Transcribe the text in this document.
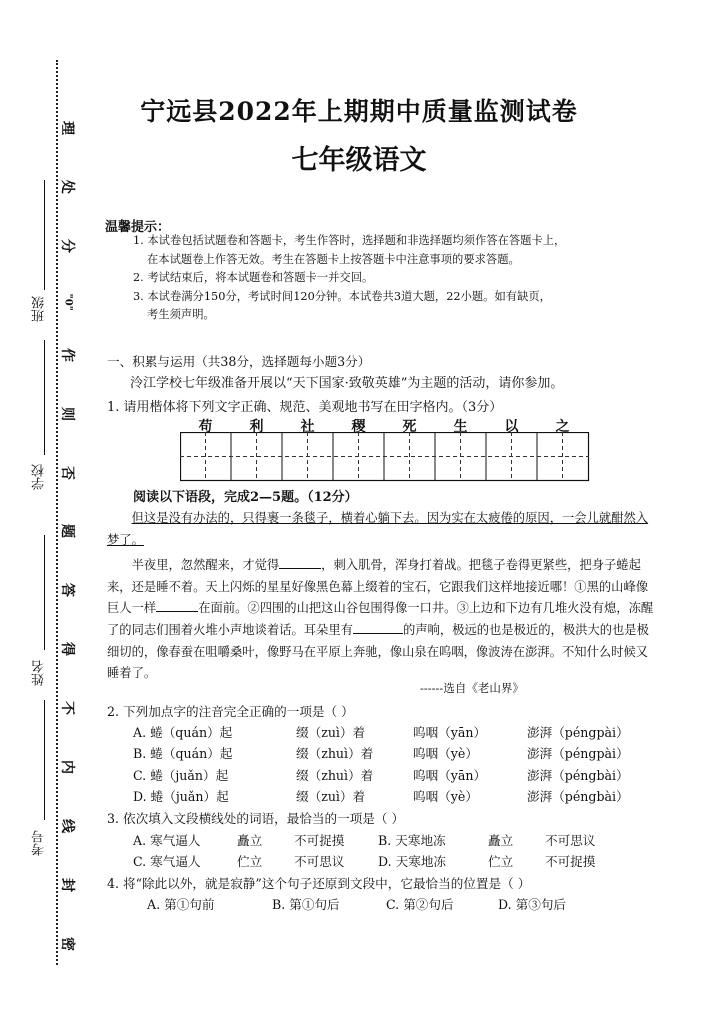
班级
学校
姓名
考号
理
处
分
"0"
作
则
否
题
答
得
不
内
线
封
密
宁远县2022年上期期中质量监测试卷
七年级语文
温馨提示：
1. 本试卷包括试题卷和答题卡，考生作答时，选择题和非选择题均须作答在答题卡上，
在本试题卷上作答无效。考生在答题卡上按答题卡中注意事项的要求答题。
2. 考试结束后，将本试题卷和答题卡一并交回。
3. 本试卷满分150分，考试时间120分钟。本试卷共3道大题，22小题。如有缺页，
考生须声明。
一、积累与运用（共38分，选择题每小题3分）
泠江学校七年级准备开展以“天下国家·致敬英雄”为主题的活动，请你参加。
1. 请用楷体将下列文字正确、规范、美观地书写在田字格内。（3分）
苟	利	社	稷	死	生	以	之
阅读以下语段，完成2—5题。（12分）
但这是没有办法的，只得裹一条毯子，横着心躺下去。因为实在太疲倦的原因，一会儿就酣然入梦了。
半夜里，忽然醒来，才觉得	，刺入肌骨，浑身打着战。把毯子卷得更紧些，把身子蜷起来，还是睡不着。天上闪烁的星星好像黑色幕上缀着的宝石，它跟我们这样地接近哪！①黑的山峰像巨人一样	在面前。②四围的山把这山谷包围得像一口井。③上边和下边有几堆火没有熄，冻醒了的同志们围着火堆小声地谈着话。耳朵里有	的声响，极远的也是极近的，极洪大的也是极细切的，像春蚕在咀嚼桑叶，像野马在平原上奔驰，像山泉在呜咽，像波涛在澎湃。不知什么时候又睡着了。
------选自《老山界》
2. 下列加点字的注音完全正确的一项是（ ）
A. 蜷（quán）起	缀（zuì）着	呜咽（yān）	澎湃（péngpài）
B. 蜷（quán）起	缀（zhuì）着	呜咽（yè）	澎湃（péngpài）
C. 蜷（juǎn）起	缀（zhuì）着	呜咽（yān）	澎湃（péngbài）
D. 蜷（juǎn）起	缀（zuì）着	呜咽（yè）	澎湃（péngbài）
3. 依次填入文段横线处的词语，最恰当的一项是（ ）
A. 寒气逼人	矗立	不可捉摸	B. 天寒地冻	矗立	不可思议
C. 寒气逼人	伫立	不可思议	D. 天寒地冻	伫立	不可捉摸
4. 将“除此以外，就是寂静”这个句子还原到文段中，它最恰当的位置是（ ）
A. 第①句前	B. 第①句后	C. 第②句后	D. 第③句后
